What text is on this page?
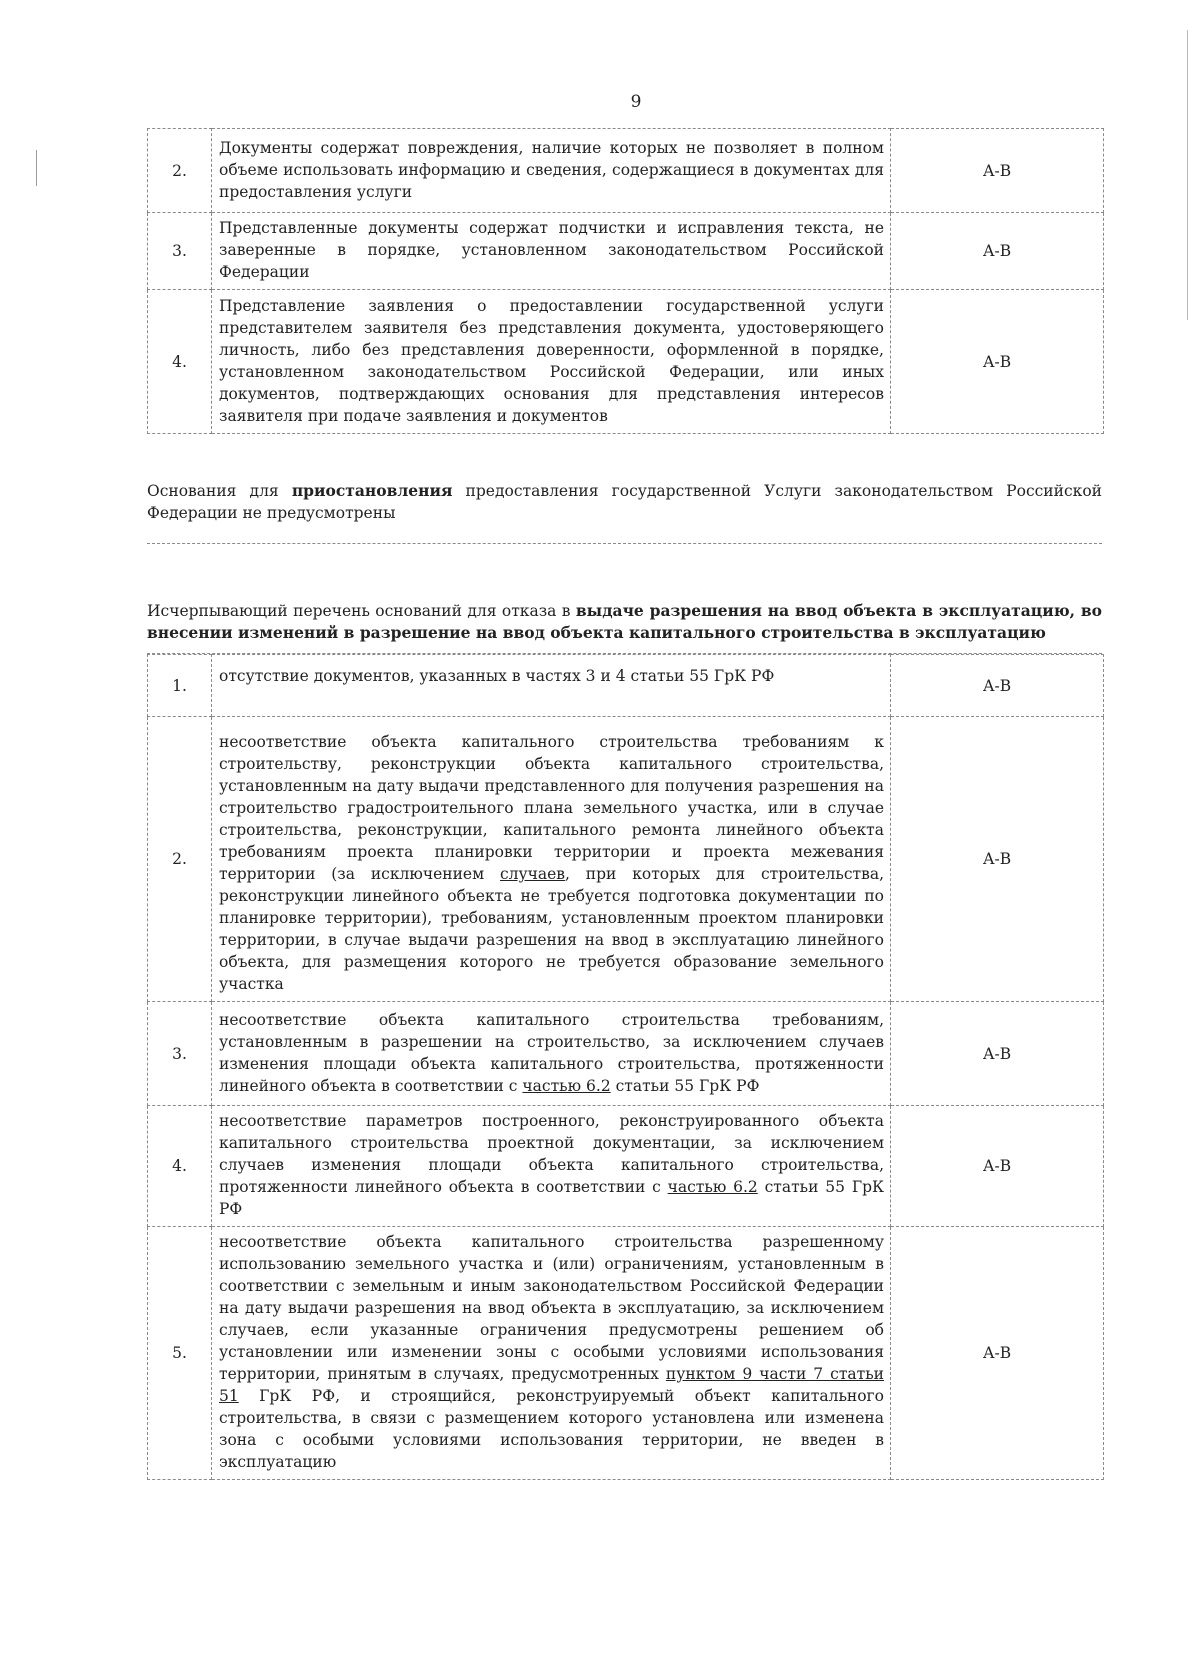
9
2.	Документы содержат повреждения, наличие которых не позволяет в полном объеме использовать информацию и сведения, содержащиеся в документах для предоставления услуги	А-В
3.	Представленные документы содержат подчистки и исправления текста, не заверенные в порядке, установленном законодательством Российской Федерации	А-В
4.	Представление заявления о предоставлении государственной услуги представителем заявителя без представления документа, удостоверяющего личность, либо без представления доверенности, оформленной в порядке, установленном законодательством Российской Федерации, или иных документов, подтверждающих основания для представления интересов заявителя при подаче заявления и документов	А-В
Основания для приостановления предоставления государственной Услуги законодательством Российской Федерации не предусмотрены
Исчерпывающий перечень оснований для отказа в выдаче разрешения на ввод объекта в эксплуатацию, во внесении изменений в разрешение на ввод объекта капитального строительства в эксплуатацию
1.	отсутствие документов, указанных в частях 3 и 4 статьи 55 ГрК РФ	А-В
2.	несоответствие объекта капитального строительства требованиям к строительству, реконструкции объекта капитального строительства, установленным на дату выдачи представленного для получения разрешения на строительство градостроительного плана земельного участка, или в случае строительства, реконструкции, капитального ремонта линейного объекта требованиям проекта планировки территории и проекта межевания территории (за исключением случаев, при которых для строительства, реконструкции линейного объекта не требуется подготовка документации по планировке территории), требованиям, установленным проектом планировки территории, в случае выдачи разрешения на ввод в эксплуатацию линейного объекта, для размещения которого не требуется образование земельного участка	А-В
3.	несоответствие объекта капитального строительства требованиям, установленным в разрешении на строительство, за исключением случаев изменения площади объекта капитального строительства, протяженности линейного объекта в соответствии с частью 6.2 статьи 55 ГрК РФ	А-В
4.	несоответствие параметров построенного, реконструированного объекта капитального строительства проектной документации, за исключением случаев изменения площади объекта капитального строительства, протяженности линейного объекта в соответствии с частью 6.2 статьи 55 ГрК РФ	А-В
5.	несоответствие объекта капитального строительства разрешенному использованию земельного участка и (или) ограничениям, установленным в соответствии с земельным и иным законодательством Российской Федерации на дату выдачи разрешения на ввод объекта в эксплуатацию, за исключением случаев, если указанные ограничения предусмотрены решением об установлении или изменении зоны с особыми условиями использования территории, принятым в случаях, предусмотренных пунктом 9 части 7 статьи 51 ГрК РФ, и строящийся, реконструируемый объект капитального строительства, в связи с размещением которого установлена или изменена зона с особыми условиями использования территории, не введен в эксплуатацию	А-В
